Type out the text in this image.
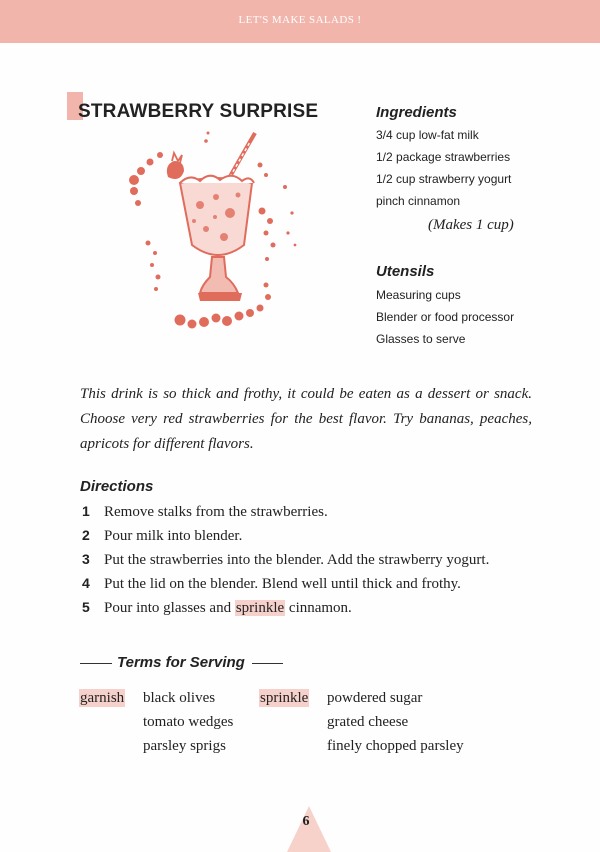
LET'S MAKE SALADS !
STRAWBERRY SURPRISE	Ingredients
3/4 cup low-fat milk
1/2 package strawberries
1/2 cup strawberry yogurt
pinch cinnamon
(Makes 1 cup)
Utensils
Measuring cups
Blender or food processor
Glasses to serve

This drink is so thick and frothy, it could be eaten as a dessert or snack. Choose very red strawberries for the best flavor. Try bananas, peaches, apricots for different flavors.

Directions
1 Remove stalks from the strawberries.
2 Pour milk into blender.
3 Put the strawberries into the blender. Add the strawberry yogurt.
4 Put the lid on the blender. Blend well until thick and frothy.
5 Pour into glasses and sprinkle cinnamon.
Terms for Serving
garnish black olives
tomato wedges
parsley sprigs
sprinkle powdered sugar
grated cheese
finely chopped parsley
6
